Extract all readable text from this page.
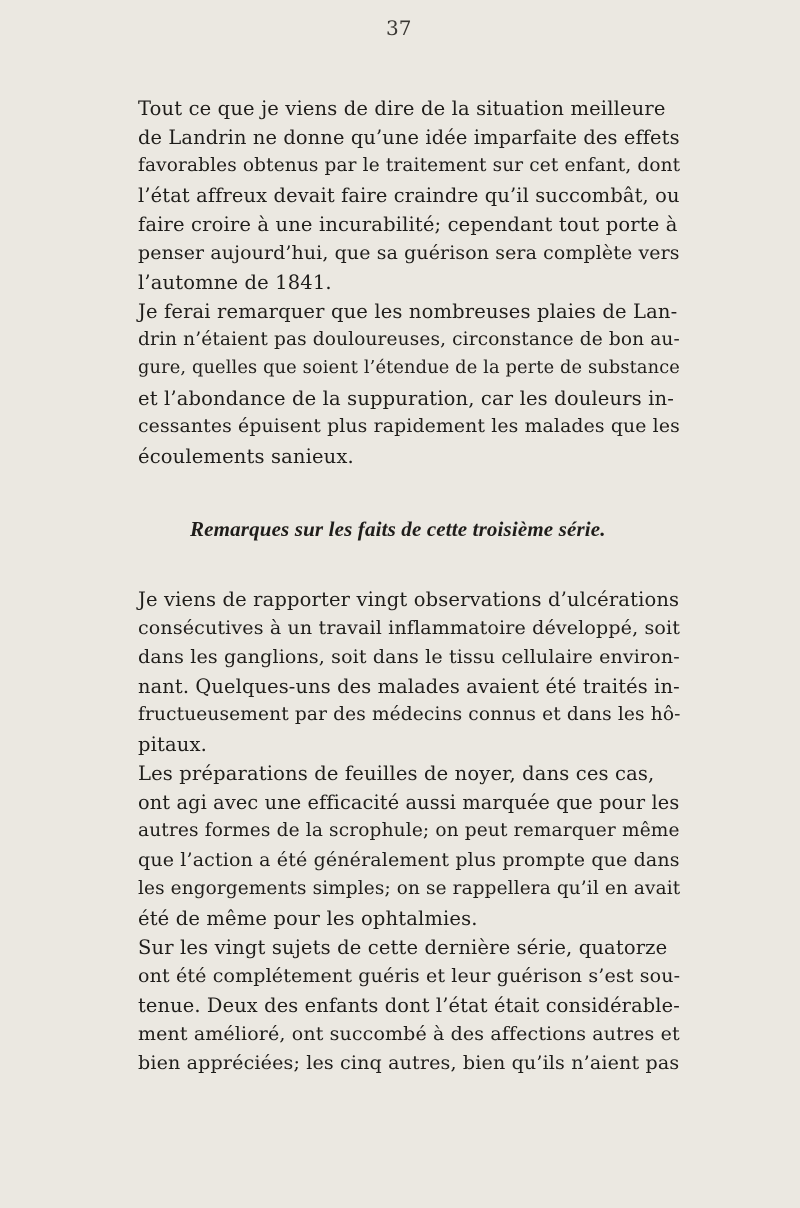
37
Tout ce que je viens de dire de la situation meilleure
de Landrin ne donne qu’une idée imparfaite des effets
favorables obtenus par le traitement sur cet enfant, dont
l’état affreux devait faire craindre qu’il succombât, ou
faire croire à une incurabilité; cependant tout porte à
penser aujourd’hui, que sa guérison sera complète vers
l’automne de 1841.
Je ferai remarquer que les nombreuses plaies de Lan-
drin n’étaient pas douloureuses, circonstance de bon au-
gure, quelles que soient l’étendue de la perte de substance
et l’abondance de la suppuration, car les douleurs in-
cessantes épuisent plus rapidement les malades que les
écoulements sanieux.
Remarques sur les faits de cette troisième série.
Je viens de rapporter vingt observations d’ulcérations
consécutives à un travail inflammatoire développé, soit
dans les ganglions, soit dans le tissu cellulaire environ-
nant. Quelques-uns des malades avaient été traités in-
fructueusement par des médecins connus et dans les hô-
pitaux.
Les préparations de feuilles de noyer, dans ces cas,
ont agi avec une efficacité aussi marquée que pour les
autres formes de la scrophule; on peut remarquer même
que l’action a été généralement plus prompte que dans
les engorgements simples; on se rappellera qu’il en avait
été de même pour les ophtalmies.
Sur les vingt sujets de cette dernière série, quatorze
ont été complétement guéris et leur guérison s’est sou-
tenue. Deux des enfants dont l’état était considérable-
ment amélioré, ont succombé à des affections autres et
bien appréciées; les cinq autres, bien qu’ils n’aient pas
